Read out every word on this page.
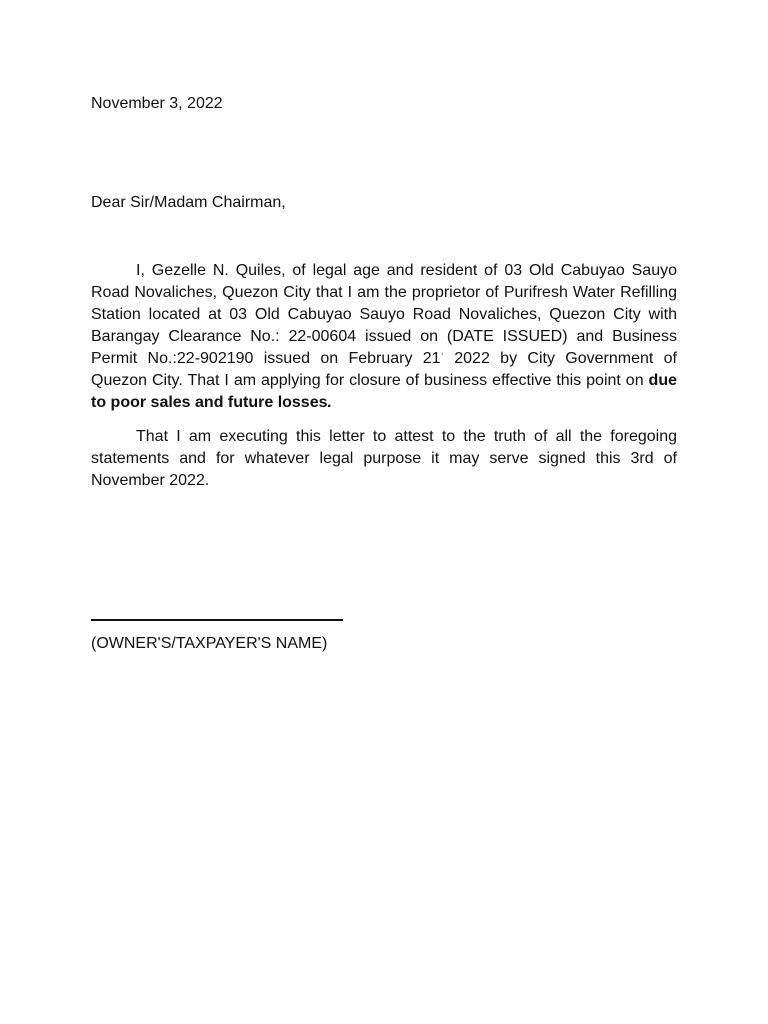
November 3, 2022
Dear Sir/Madam Chairman,

I, Gezelle N. Quiles, of legal age and resident of 03 Old Cabuyao Sauyo Road Novaliches, Quezon City that I am the proprietor of Purifresh Water Refilling Station located at 03 Old Cabuyao Sauyo Road Novaliches, Quezon City with Barangay Clearance No.: 22-00604 issued on (DATE ISSUED) and Business Permit No.:22-902190 issued on February 21· 2022 by City Government of Quezon City. That I am applying for closure of business effective this point on due to poor sales and future losses.

That I am executing this letter to attest to the truth of all the foregoing statements and for whatever legal purpose it may serve signed this 3rd of November 2022.

(OWNER'S/TAXPAYER'S NAME)
